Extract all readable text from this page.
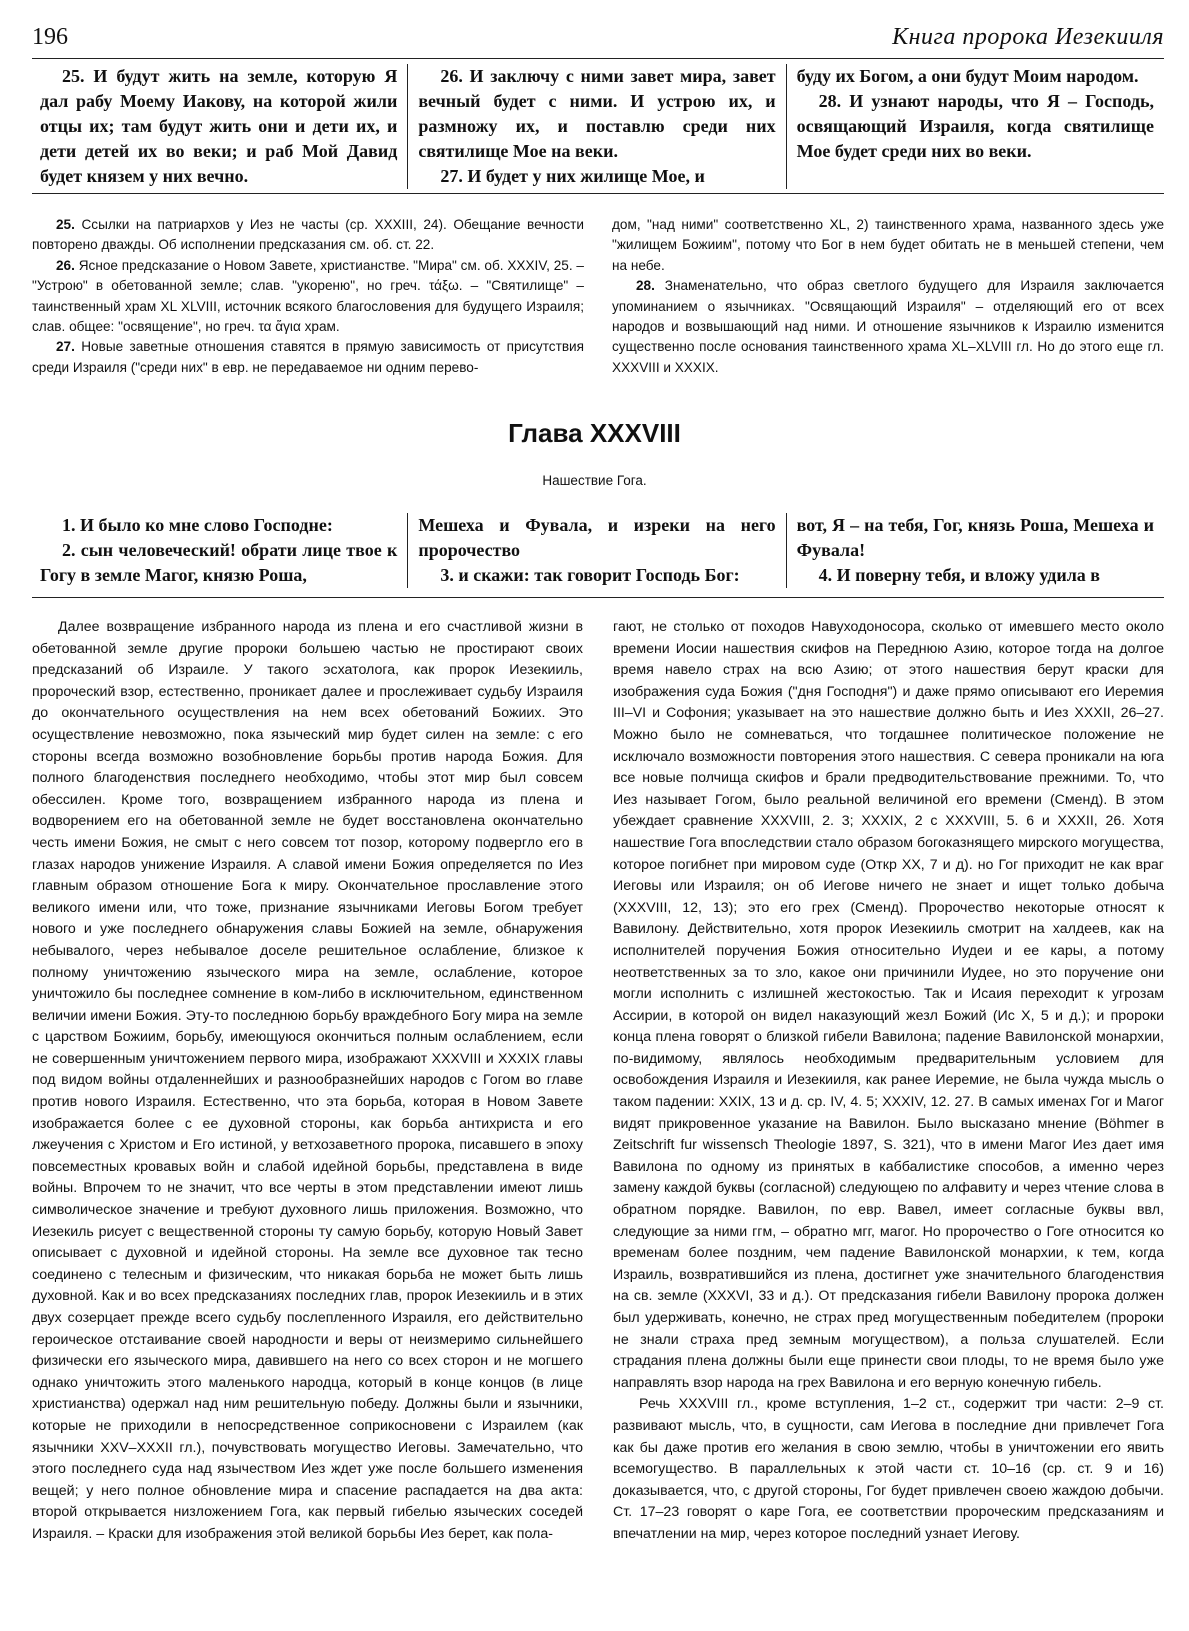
196	Книга пророка Иезекииля

25. И будут жить на земле, которую Я дал рабу Моему Иакову, на которой жили отцы их; там будут жить они и дети их, и дети детей их во веки; и раб Мой Давид будет князем у них вечно.

26. И заключу с ними завет мира, завет вечный будет с ними. И устрою их, и размножу их, и поставлю среди них святилище Мое на веки.

27. И будет у них жилище Мое, и

буду их Богом, а они будут Моим народом.

28. И узнают народы, что Я – Господь, освящающий Израиля, когда святилище Мое будет среди них во веки.

25. Ссылки на патриархов у Иез не часты (ср. XXXIII, 24). Обещание вечности повторено дважды. Об исполнении предсказания см. об. ст. 22.

26. Ясное предсказание о Новом Завете, христианстве. "Мира" см. об. XXXIV, 25. – "Устрою" в обетованной земле; слав. "укореню", но греч. τάξω. – "Святилище" – таинственный храм XL XLVIII, источник всякого благословения для будущего Израиля; слав. общее: "освящение", но греч. τα ἅγια храм.

27. Новые заветные отношения ставятся в прямую зависимость от присутствия среди Израиля ("среди них" в евр. не передаваемое ни одним перево-

дом, "над ними" соответственно XL, 2) таинственного храма, названного здесь уже "жилищем Божиим", потому что Бог в нем будет обитать не в меньшей степени, чем на небе.

28. Знаменательно, что образ светлого будущего для Израиля заключается упоминанием о язычниках. "Освящающий Израиля" – отделяющий его от всех народов и возвышающий над ними. И отношение язычников к Израилю изменится существенно после основания таинственного храма XL–XLVIII гл. Но до этого еще гл. XXXVIII и XXXIX.

Глава XXXVIII
Нашествие Гога.

1. И было ко мне слово Господне:

2. сын человеческий! обрати лице твое к Гогу в земле Магог, князю Роша,

Мешеха и Фувала, и изреки на него пророчество

3. и скажи: так говорит Господь Бог:

вот, Я – на тебя, Гог, князь Роша, Мешеха и Фувала!

4. И поверну тебя, и вложу удила в

Далее возвращение избранного народа из плена и его счастливой жизни в обетованной земле другие пророки большею частью не простирают своих предсказаний об Израиле. У такого эсхатолога, как пророк Иезекииль, пророческий взор, естественно, проникает далее и прослеживает судьбу Израиля до окончательного осуществления на нем всех обетований Божиих. Это осуществление невозможно, пока языческий мир будет силен на земле: с его стороны всегда возможно возобновление борьбы против народа Божия. Для полного благоденствия последнего необходимо, чтобы этот мир был совсем обессилен. Кроме того, возвращением избранного народа из плена и водворением его на обетованной земле не будет восстановлена окончательно честь имени Божия, не смыт с него совсем тот позор, которому подвергло его в глазах народов унижение Израиля. А славой имени Божия определяется по Иез главным образом отношение Бога к миру. Окончательное прославление этого великого имени или, что тоже, признание язычниками Иеговы Богом требует нового и уже последнего обнаружения славы Божией на земле, обнаружения небывалого, через небывалое доселе решительное ослабление, близкое к полному уничтожению языческого мира на земле, ослабление, которое уничтожило бы последнее сомнение в ком-либо в исключительном, единственном величии имени Божия. Эту-то последнюю борьбу враждебного Богу мира на земле с царством Божиим, борьбу, имеющуюся окончиться полным ослаблением, если не совершенным уничтожением первого мира, изображают XXXVIII и XXXIX главы под видом войны отдаленнейших и разнообразнейших народов с Гогом во главе против нового Израиля. Естественно, что эта борьба, которая в Новом Завете изображается более с ее духовной стороны, как борьба антихриста и его лжеучения с Христом и Его истиной, у ветхозаветного пророка, писавшего в эпоху повсеместных кровавых войн и слабой идейной борьбы, представлена в виде войны. Впрочем то не значит, что все черты в этом представлении имеют лишь символическое значение и требуют духовного лишь приложения. Возможно, что Иезекиль рисует с вещественной стороны ту самую борьбу, которую Новый Завет описывает с духовной и идейной стороны. На земле все духовное так тесно соединено с телесным и физическим, что никакая борьба не может быть лишь духовной. Как и во всех предсказаниях последних глав, пророк Иезекииль и в этих двух созерцает прежде всего судьбу послепленного Израиля, его действительно героическое отстаивание своей народности и веры от неизмеримо сильнейшего физически его языческого мира, давившего на него со всех сторон и не могшего однако уничтожить этого маленького народца, который в конце концов (в лице христианства) одержал над ним решительную победу. Должны были и язычники, которые не приходили в непосредственное соприкосновени с Израилем (как язычники XXV–XXXII гл.), почувствовать могущество Иеговы. Замечательно, что этого последнего суда над язычеством Иез ждет уже после большего изменения вещей; у него полное обновление мира и спасение распадается на два акта: второй открывается низложением Гога, как первый гибелью языческих соседей Израиля. – Краски для изображения этой великой борьбы Иез берет, как пола-

гают, не столько от походов Навуходоносора, сколько от имевшего место около времени Иосии нашествия скифов на Переднюю Азию, которое тогда на долгое время навело страх на всю Азию; от этого нашествия берут краски для изображения суда Божия ("дня Господня") и даже прямо описывают его Иеремия III–VI и Софония; указывает на это нашествие должно быть и Иез XXXII, 26–27. Можно было не сомневаться, что тогдашнее политическое положение не исключало возможности повторения этого нашествия. С севера проникали на юга все новые полчища скифов и брали предводительствование прежними. То, что Иез называет Гогом, было реальной величиной его времени (Сменд). В этом убеждает сравнение XXXVIII, 2. 3; XXXIX, 2 с XXXVIII, 5. 6 и XXXII, 26. Хотя нашествие Гога впоследствии стало образом богоказнящего мирского могущества, которое погибнет при мировом суде (Откр XX, 7 и д). но Гог приходит не как враг Иеговы или Израиля; он об Иегове ничего не знает и ищет только добыча (XXXVIII, 12, 13); это его грех (Сменд). Пророчество некоторые относят к Вавилону. Действительно, хотя пророк Иезекииль смотрит на халдеев, как на исполнителей поручения Божия относительно Иудеи и ее кары, а потому неответственных за то зло, какое они причинили Иудее, но это поручение они могли исполнить с излишней жестокостью. Так и Исаия переходит к угрозам Ассирии, в которой он видел наказующий жезл Божий (Ис X, 5 и д.); и пророки конца плена говорят о близкой гибели Вавилона; падение Вавилонской монархии, по-видимому, являлось необходимым предварительным условием для освобождения Израиля и Иезекииля, как ранее Иеремие, не была чужда мысль о таком падении: XXIX, 13 и д. ср. IV, 4. 5; XXXIV, 12. 27. В самых именах Гог и Магог видят прикровенное указание на Вавилон. Было высказано мнение (Böhmer в Zeitschrift fur wissensch Theologie 1897, S. 321), что в имени Магог Иез дает имя Вавилона по одному из принятых в каббалистике способов, а именно через замену каждой буквы (согласной) следующею по алфавиту и через чтение слова в обратном порядке. Вавилон, по евр. Вавел, имеет согласные буквы ввл, следующие за ними ггм, – обратно мгг, магог. Но пророчество о Гоге относится ко временам более поздним, чем падение Вавилонской монархии, к тем, когда Израиль, возвратившийся из плена, достигнет уже значительного благоденствия на св. земле (XXXVI, 33 и д.). От предсказания гибели Вавилону пророка должен был удерживать, конечно, не страх пред могущественным победителем (пророки не знали страха пред земным могуществом), а польза слушателей. Если страдания плена должны были еще принести свои плоды, то не время было уже направлять взор народа на грех Вавилона и его верную конечную гибель.

Речь XXXVIII гл., кроме вступления, 1–2 ст., содержит три части: 2–9 ст. развивают мысль, что, в сущности, сам Иегова в последние дни привлечет Гога как бы даже против его желания в свою землю, чтобы в уничтожении его явить всемогущество. В параллельных к этой части ст. 10–16 (ср. ст. 9 и 16) доказывается, что, с другой стороны, Гог будет привлечен своею жаждою добычи. Ст. 17–23 говорят о каре Гога, ее соответствии пророческим предсказаниям и впечатлении на мир, через которое последний узнает Иегову.
